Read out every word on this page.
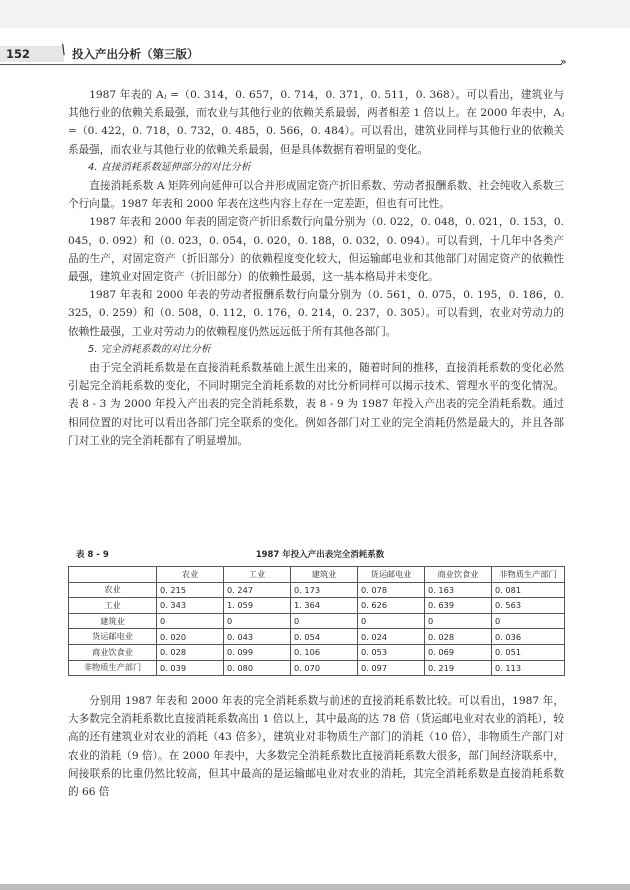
152	\ 投入产出分析（第三版）
»

1987 年表的 Aⱼ =（0. 314，0. 657，0. 714，0. 371，0. 511，0. 368）。可以看出，建筑业与其他行业的依赖关系最强，而农业与其他行业的依赖关系最弱，两者相差 1 倍以上。在 2000 年表中，Aⱼ =（0. 422，0. 718，0. 732，0. 485，0. 566，0. 484）。可以看出，建筑业同样与其他行业的依赖关系最强，而农业与其他行业的依赖关系最弱，但是具体数据有着明显的变化。

4. 直接消耗系数延伸部分的对比分析

直接消耗系数 A 矩阵列向延伸可以合并形成固定资产折旧系数、劳动者报酬系数、社会纯收入系数三个行向量。1987 年表和 2000 年表在这些内容上存在一定差距，但也有可比性。

1987 年表和 2000 年表的固定资产折旧系数行向量分别为（0. 022，0. 048，0. 021，0. 153，0. 045，0. 092）和（0. 023，0. 054，0. 020，0. 188，0. 032，0. 094）。可以看到，十几年中各类产品的生产，对固定资产（折旧部分）的依赖程度变化较大，但运输邮电业和其他部门对固定资产的依赖性最强，建筑业对固定资产（折旧部分）的依赖性最弱，这一基本格局并未变化。

1987 年表和 2000 年表的劳动者报酬系数行向量分别为（0. 561，0. 075，0. 195，0. 186，0. 325，0. 259）和（0. 508，0. 112，0. 176，0. 214，0. 237，0. 305）。可以看到，农业对劳动力的依赖性最强，工业对劳动力的依赖程度仍然远远低于所有其他各部门。

5. 完全消耗系数的对比分析

由于完全消耗系数是在直接消耗系数基础上派生出来的，随着时间的推移，直接消耗系数的变化必然引起完全消耗系数的变化，不同时期完全消耗系数的对比分析同样可以揭示技术、管理水平的变化情况。表 8 - 3 为 2000 年投入产出表的完全消耗系数，表 8 - 9 为 1987 年投入产出表的完全消耗系数。通过相同位置的对比可以看出各部门完全联系的变化。例如各部门对工业的完全消耗仍然是最大的，并且各部门对工业的完全消耗都有了明显增加。

表 8 - 9	1987 年投入产出表完全消耗系数
	农业	工业	建筑业	货运邮电业	商业饮食业	非物质生产部门
农业	0. 215	0. 247	0. 173	0. 078	0. 163	0. 081
工业	0. 343	1. 059	1. 364	0. 626	0. 639	0. 563
建筑业	0	0	0	0	0	0
货运邮电业	0. 020	0. 043	0. 054	0. 024	0. 028	0. 036
商业饮食业	0. 028	0. 099	0. 106	0. 053	0. 069	0. 051
非物质生产部门	0. 039	0. 080	0. 070	0. 097	0. 219	0. 113

分别用 1987 年表和 2000 年表的完全消耗系数与前述的直接消耗系数比较。可以看出，1987 年，大多数完全消耗系数比直接消耗系数高出 1 倍以上，其中最高的达 78 倍（货运邮电业对农业的消耗），较高的还有建筑业对农业的消耗（43 倍多），建筑业对非物质生产部门的消耗（10 倍），非物质生产部门对农业的消耗（9 倍）。在 2000 年表中，大多数完全消耗系数比直接消耗系数大很多，部门间经济联系中，间接联系的比重仍然比较高，但其中最高的是运输邮电业对农业的消耗，其完全消耗系数是直接消耗系数的 66 倍
